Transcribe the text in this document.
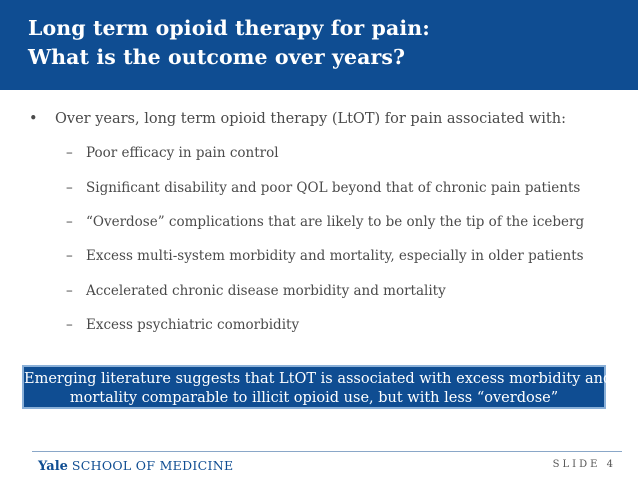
Long term opioid therapy for pain:
What is the outcome over years?
• Over years, long term opioid therapy (LtOT) for pain associated with:
– Poor efficacy in pain control
– Significant disability and poor QOL beyond that of chronic pain patients
– “Overdose” complications that are likely to be only the tip of the iceberg
– Excess multi-system morbidity and mortality, especially in older patients
– Accelerated chronic disease morbidity and mortality
– Excess psychiatric comorbidity
Emerging literature suggests that LtOT is associated with excess morbidity and
mortality comparable to illicit opioid use, but with less “overdose”
Yale SCHOOL OF MEDICINE	SLIDE 4
